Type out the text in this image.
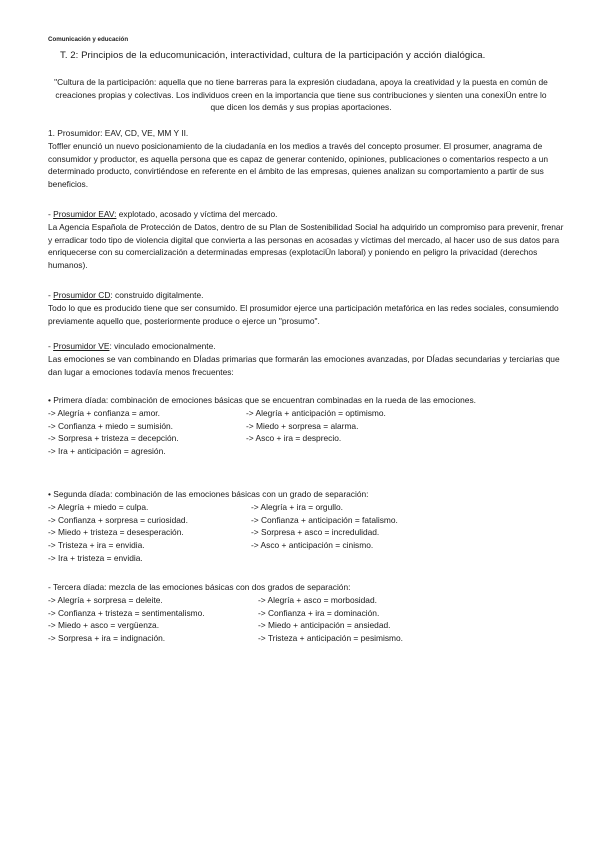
Comunicación y educación
T. 2: Principios de la educomunicación, interactividad, cultura de la participación y acción dialógica.
"Cultura de la participación: aquella que no tiene barreras para la expresión ciudadana, apoya la creatividad y la puesta en común de creaciones propias y colectivas. Los individuos creen en la importancia que tiene sus contribuciones y sienten una conexiÜn entre lo que dicen los demás y sus propias aportaciones.

1. Prosumidor: EAV, CD, VE, MM Y II.

Toffler enunció un nuevo posicionamiento de la ciudadanía en los medios a través del concepto prosumer. El prosumer, anagrama de consumidor y productor, es aquella persona que es capaz de generar contenido, opiniones, publicaciones o comentarios respecto a un determinado producto, convirtiéndose en referente en el ámbito de las empresas, quienes analizan su comportamiento a partir de sus beneficios.

- Prosumidor EAV: explotado, acosado y víctima del mercado.

La Agencia Española de Protección de Datos, dentro de su Plan de Sostenibilidad Social ha adquirido un compromiso para prevenir, frenar y erradicar todo tipo de violencia digital que convierta a las personas en acosadas y víctimas del mercado, al hacer uso de sus datos para enriquecerse con su comercialización a determinadas empresas (explotaciÜn laboral) y poniendo en peligro la privacidad (derechos humanos).

- Prosumidor CD: construido digitalmente.

Todo lo que es producido tiene que ser consumido. El prosumidor ejerce una participación metafórica en las redes sociales, consumiendo previamente aquello que, posteriormente produce o ejerce un "prosumo".

- Prosumidor VE: vinculado emocionalmente.

Las emociones se van combinando en DÍadas primarias que formarán las emociones avanzadas, por DÍadas secundarias y terciarias que dan lugar a emociones todavía menos frecuentes:

• Primera díada: combinación de emociones básicas que se encuentran combinadas en la rueda de las emociones.

-> Alegría + confianza = amor.	-> Alegría + anticipación = optimismo.
-> Confianza + miedo = sumisión.	-> Miedo + sorpresa = alarma.
-> Sorpresa + tristeza = decepción.	-> Asco + ira = desprecio.
-> Ira + anticipación = agresión.

• Segunda díada: combinación de las emociones básicas con un grado de separación:

-> Alegría + miedo = culpa.	-> Alegría + ira = orgullo.
-> Confianza + sorpresa = curiosidad.	-> Confianza + anticipación = fatalismo.
-> Miedo + tristeza = desesperación.	-> Sorpresa + asco = incredulidad.
-> Tristeza + ira = envidia.	-> Asco + anticipación = cinismo.
-> Ira + tristeza = envidia.

- Tercera díada: mezcla de las emociones básicas con dos grados de separación:

-> Alegría + sorpresa = deleite.	-> Alegría + asco = morbosidad.
-> Confianza + tristeza = sentimentalismo.	-> Confianza + ira = dominación.
-> Miedo + asco = vergüenza.	-> Miedo + anticipación = ansiedad.
-> Sorpresa + ira = indignación.	-> Tristeza + anticipación = pesimismo.
